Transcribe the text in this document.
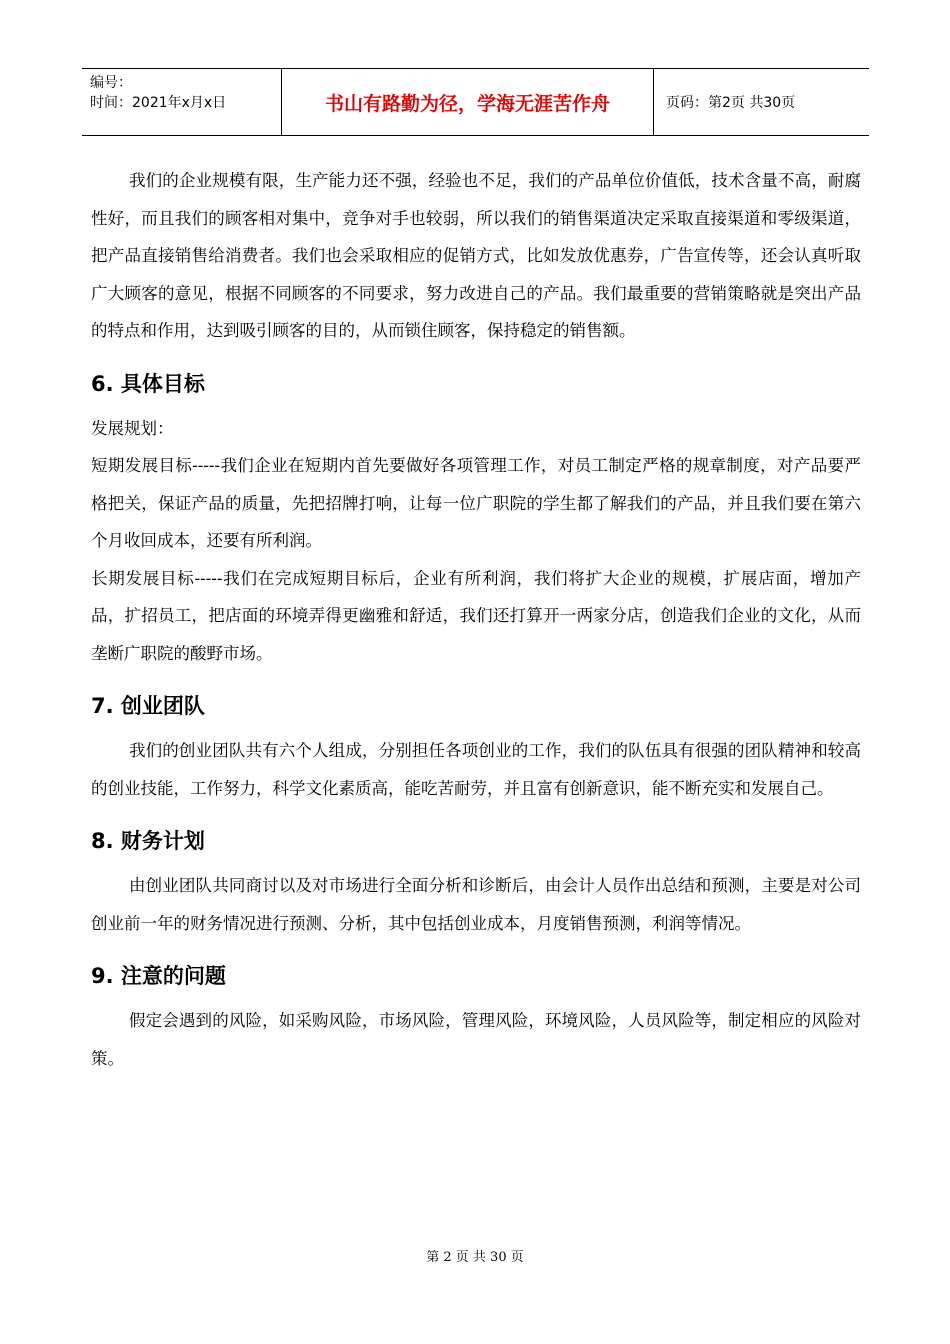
编号：
时间：2021年x月x日	书山有路勤为径，学海无涯苦作舟	页码：第2页 共30页

我们的企业规模有限，生产能力还不强，经验也不足，我们的产品单位价值低，技术含量不高，耐腐性好，而且我们的顾客相对集中，竞争对手也较弱，所以我们的销售渠道决定采取直接渠道和零级渠道，把产品直接销售给消费者。我们也会采取相应的促销方式，比如发放优惠券，广告宣传等，还会认真听取广大顾客的意见，根据不同顾客的不同要求，努力改进自己的产品。我们最重要的营销策略就是突出产品的特点和作用，达到吸引顾客的目的，从而锁住顾客，保持稳定的销售额。

6. 具体目标

发展规划：

短期发展目标-----我们企业在短期内首先要做好各项管理工作，对员工制定严格的规章制度，对产品要严格把关，保证产品的质量，先把招牌打响，让每一位广职院的学生都了解我们的产品，并且我们要在第六个月收回成本，还要有所利润。

长期发展目标-----我们在完成短期目标后，企业有所利润，我们将扩大企业的规模，扩展店面，增加产品，扩招员工，把店面的环境弄得更幽雅和舒适，我们还打算开一两家分店，创造我们企业的文化，从而垄断广职院的酸野市场。

7. 创业团队

我们的创业团队共有六个人组成，分别担任各项创业的工作，我们的队伍具有很强的团队精神和较高的创业技能，工作努力，科学文化素质高，能吃苦耐劳，并且富有创新意识，能不断充实和发展自己。

8. 财务计划

由创业团队共同商讨以及对市场进行全面分析和诊断后，由会计人员作出总结和预测，主要是对公司创业前一年的财务情况进行预测、分析，其中包括创业成本，月度销售预测，利润等情况。

9. 注意的问题

假定会遇到的风险，如采购风险，市场风险，管理风险，环境风险，人员风险等，制定相应的风险对策。

第 2 页 共 30 页
